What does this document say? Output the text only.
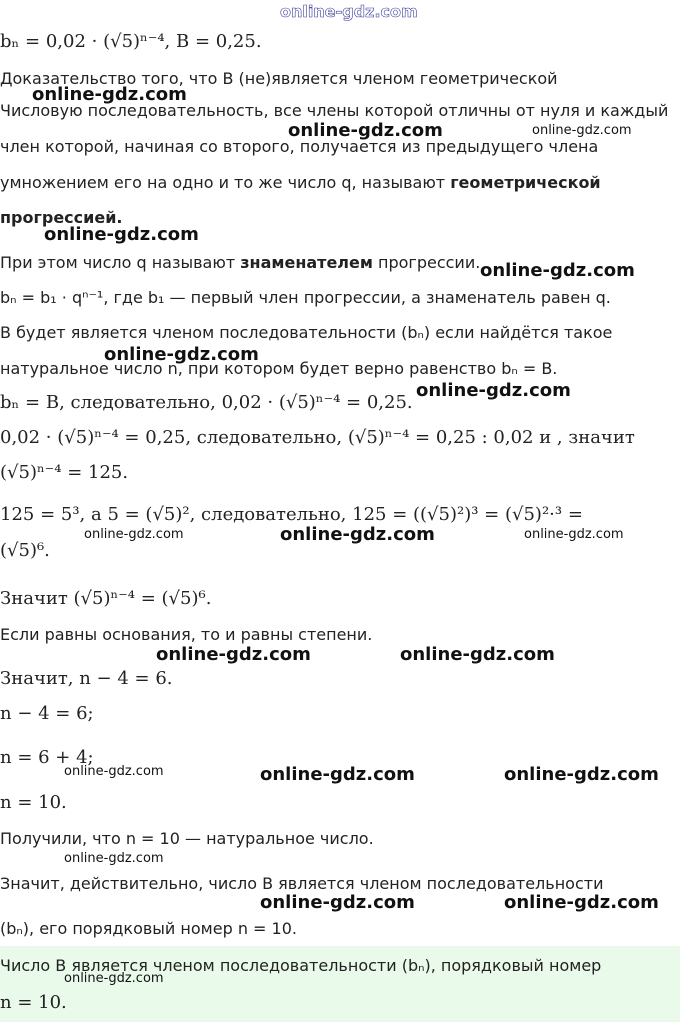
online-gdz.com
bₙ = 0,02 · (√5)ⁿ⁻⁴, B = 0,25.
Доказательство того, что B (не)является членом геометрической
Числовую последовательность, все члены которой отличны от нуля и каждый
член которой, начиная со второго, получается из предыдущего члена
умножением его на одно и то же число q, называют геометрической
прогрессией.
При этом число q называют знаменателем прогрессии.
bₙ = b₁ · qⁿ⁻¹, где b₁ — первый член прогрессии, а знаменатель равен q.
B будет является членом последовательности (bₙ) если найдётся такое
натуральное число n, при котором будет верно равенство bₙ = B.
bₙ = B, следовательно, 0,02 · (√5)ⁿ⁻⁴ = 0,25.
0,02 · (√5)ⁿ⁻⁴ = 0,25, следовательно, (√5)ⁿ⁻⁴ = 0,25 : 0,02 и , значит
(√5)ⁿ⁻⁴ = 125.
125 = 5³, а 5 = (√5)², следовательно, 125 = ((√5)²)³ = (√5)²·³ =
(√5)⁶.
Значит (√5)ⁿ⁻⁴ = (√5)⁶.
Если равны основания, то и равны степени.
Значит, n − 4 = 6.
n − 4 = 6;
n = 6 + 4;
n = 10.
Получили, что n = 10 — натуральное число.
Значит, действительно, число B является членом последовательности
(bₙ), его порядковый номер n = 10.
Число B является членом последовательности (bₙ), порядковый номер
n = 10.
online-gdz.com
online-gdz.com	online-gdz.com
online-gdz.com
online-gdz.com
online-gdz.com
online-gdz.com
online-gdz.com	online-gdz.com	online-gdz.com
online-gdz.com	online-gdz.com
online-gdz.com	online-gdz.com	online-gdz.com
online-gdz.com
online-gdz.com	online-gdz.com
online-gdz.com
